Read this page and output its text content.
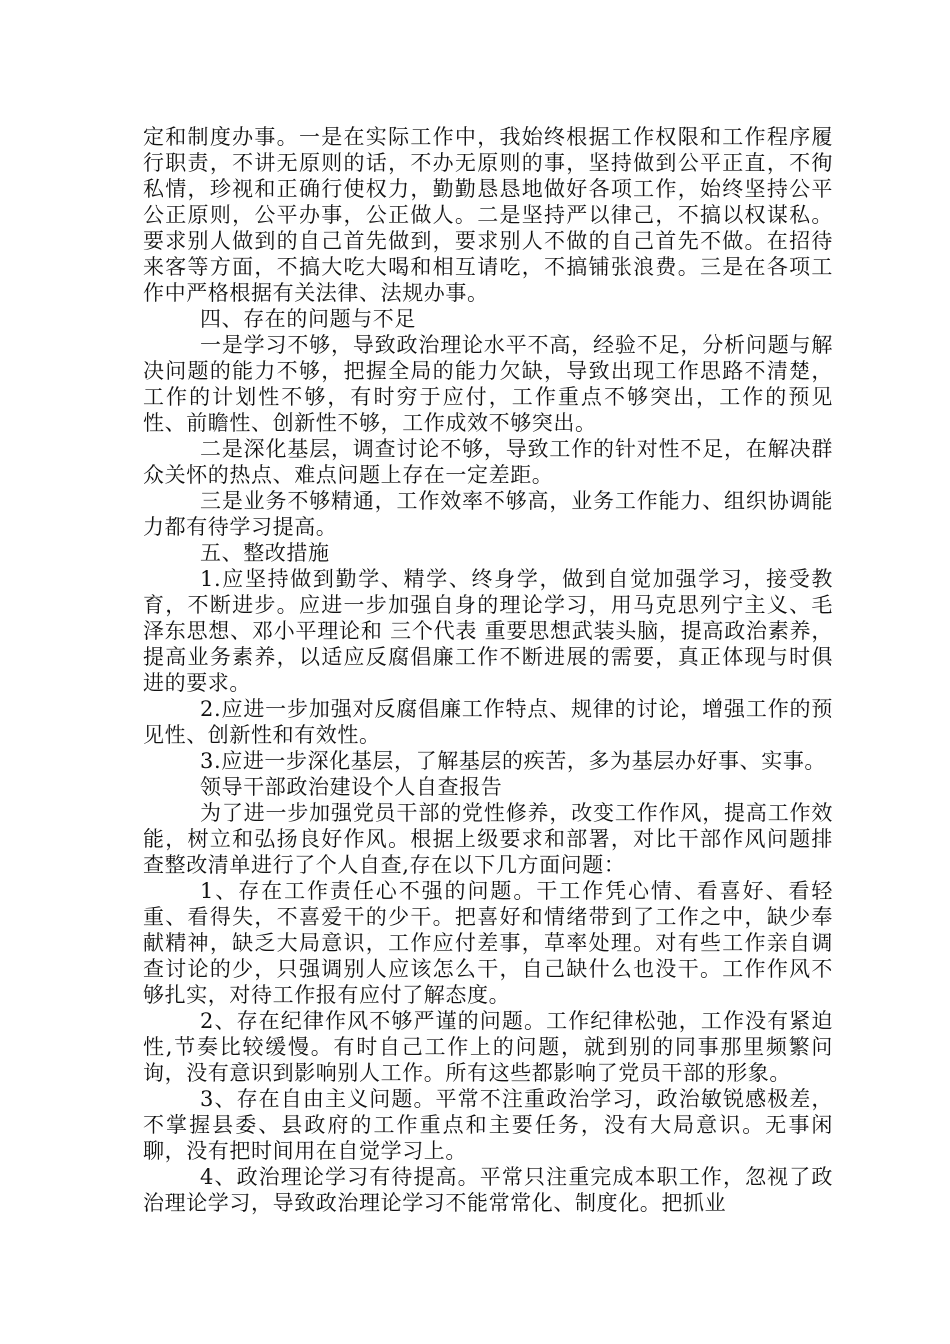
定和制度办事。一是在实际工作中，我始终根据工作权限和工作程序履行职责，不讲无原则的话，不办无原则的事，坚持做到公平正直，不徇私情，珍视和正确行使权力，勤勤恳恳地做好各项工作，始终坚持公平公正原则，公平办事，公正做人。二是坚持严以律己，不搞以权谋私。要求别人做到的自己首先做到，要求别人不做的自己首先不做。在招待来客等方面，不搞大吃大喝和相互请吃，不搞铺张浪费。三是在各项工作中严格根据有关法律、法规办事。

四、存在的问题与不足

一是学习不够，导致政治理论水平不高，经验不足，分析问题与解决问题的能力不够，把握全局的能力欠缺，导致出现工作思路不清楚，工作的计划性不够，有时穷于应付，工作重点不够突出，工作的预见性、前瞻性、创新性不够，工作成效不够突出。

二是深化基层，调查讨论不够，导致工作的针对性不足，在解决群众关怀的热点、难点问题上存在一定差距。

三是业务不够精通，工作效率不够高，业务工作能力、组织协调能力都有待学习提高。

五、整改措施

1.应坚持做到勤学、精学、终身学，做到自觉加强学习，接受教育，不断进步。应进一步加强自身的理论学习，用马克思列宁主义、毛泽东思想、邓小平理论和 三个代表 重要思想武装头脑，提高政治素养，提高业务素养，以适应反腐倡廉工作不断进展的需要，真正体现与时俱进的要求。

2.应进一步加强对反腐倡廉工作特点、规律的讨论，增强工作的预见性、创新性和有效性。

3.应进一步深化基层，了解基层的疾苦，多为基层办好事、实事。

领导干部政治建设个人自查报告

为了进一步加强党员干部的党性修养，改变工作作风，提高工作效能，树立和弘扬良好作风。根据上级要求和部署，对比干部作风问题排查整改清单进行了个人自查,存在以下几方面问题：

1、存在工作责任心不强的问题。干工作凭心情、看喜好、看轻重、看得失，不喜爱干的少干。把喜好和情绪带到了工作之中，缺少奉献精神，缺乏大局意识，工作应付差事，草率处理。对有些工作亲自调查讨论的少，只强调别人应该怎么干，自己缺什么也没干。工作作风不够扎实，对待工作报有应付了解态度。

2、存在纪律作风不够严谨的问题。工作纪律松弛，工作没有紧迫性,节奏比较缓慢。有时自己工作上的问题，就到别的同事那里频繁问询，没有意识到影响别人工作。所有这些都影响了党员干部的形象。

3、存在自由主义问题。平常不注重政治学习，政治敏锐感极差，不掌握县委、县政府的工作重点和主要任务，没有大局意识。无事闲聊，没有把时间用在自觉学习上。

4、政治理论学习有待提高。平常只注重完成本职工作，忽视了政治理论学习，导致政治理论学习不能常常化、制度化。把抓业
